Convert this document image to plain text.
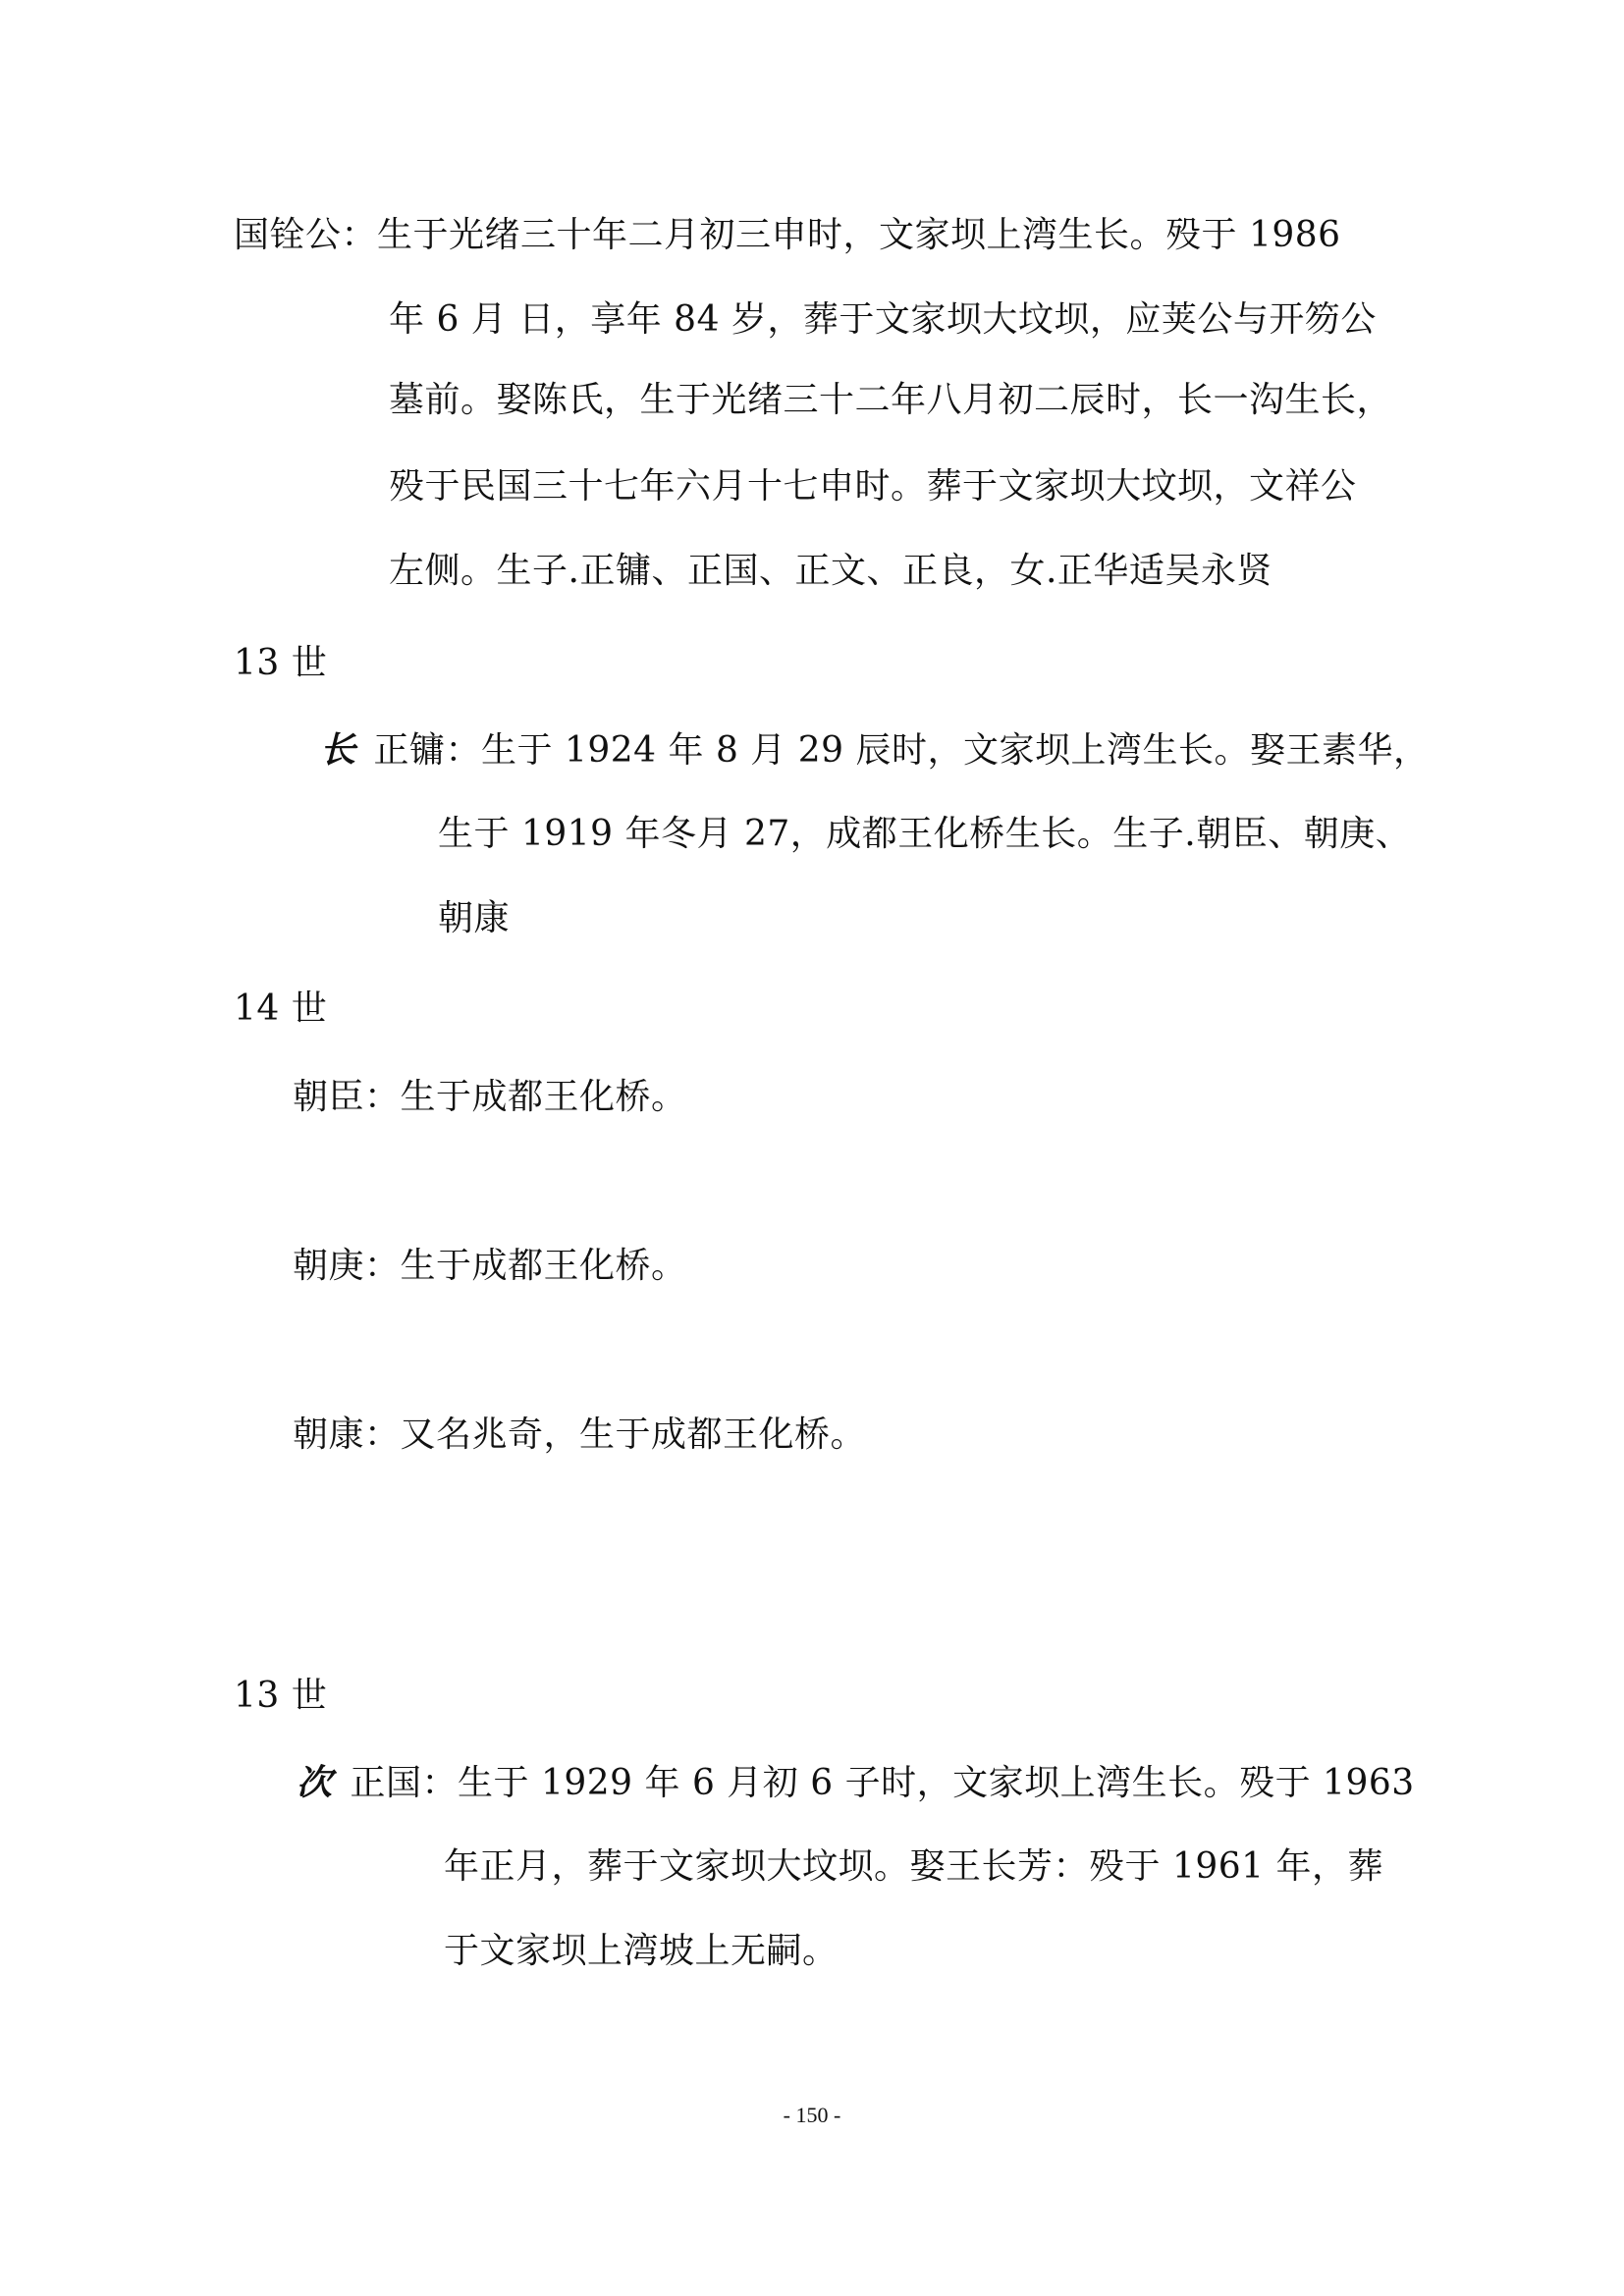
国铨公：生于光绪三十年二月初三申时，文家坝上湾生长。殁于 1986
年 6 月 日，享年 84 岁，葬于文家坝大坟坝，应荚公与开笏公
墓前。娶陈氏，生于光绪三十二年八月初二辰时，长一沟生长，
殁于民国三十七年六月十七申时。葬于文家坝大坟坝，文祥公
左侧。生子.正镛、正国、正文、正良，女.正华适吴永贤
13 世
长 正镛：生于 1924 年 8 月 29 辰时，文家坝上湾生长。娶王素华，
生于 1919 年冬月 27，成都王化桥生长。生子.朝臣、朝庚、
朝康
14 世
朝臣：生于成都王化桥。
朝庚：生于成都王化桥。
朝康：又名兆奇，生于成都王化桥。
13 世
次 正国：生于 1929 年 6 月初 6 子时，文家坝上湾生长。殁于 1963
年正月，葬于文家坝大坟坝。娶王长芳：殁于 1961 年，葬
于文家坝上湾坡上无嗣。
- 150 -
